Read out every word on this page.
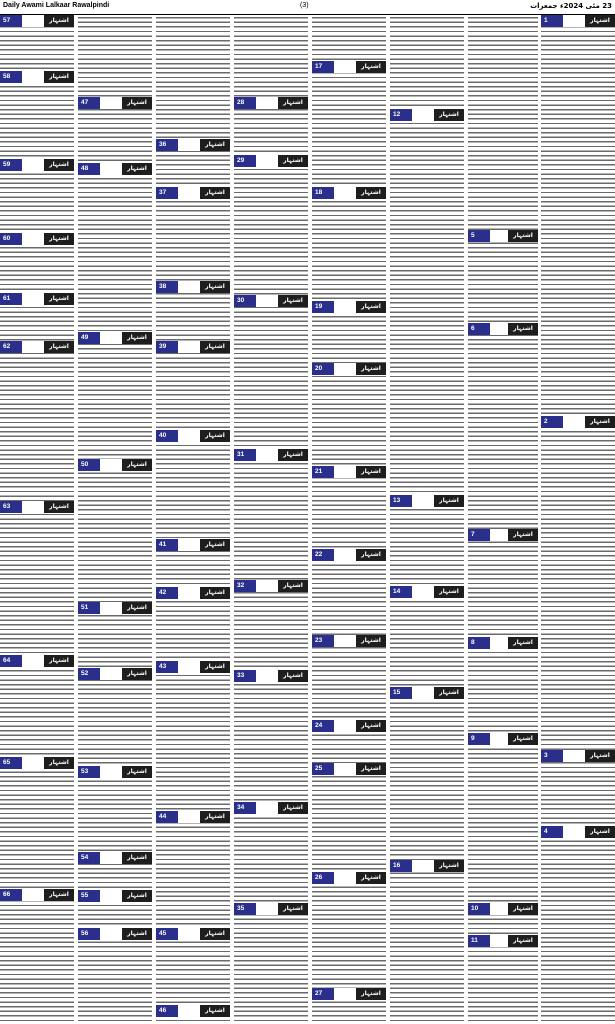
Daily Awami Lalkaar Rawalpindi	(3)	23 مئی 2024ء جمعرات
57	اشتہار
58	اشتہار
59	اشتہار
60	اشتہار
61	اشتہار
62	اشتہار
63	اشتہار
64	اشتہار
65	اشتہار
66	اشتہار
47	اشتہار
48	اشتہار
49	اشتہار
50	اشتہار
51	اشتہار
52	اشتہار
53	اشتہار
54	اشتہار
55	اشتہار
56	اشتہار
36	اشتہار
37	اشتہار
38	اشتہار
39	اشتہار
40	اشتہار
41	اشتہار
42	اشتہار
43	اشتہار
44	اشتہار
45	اشتہار
46	اشتہار
28	اشتہار
29	اشتہار
30	اشتہار
31	اشتہار
32	اشتہار
33	اشتہار
34	اشتہار
35	اشتہار
17	اشتہار
18	اشتہار
19	اشتہار
20	اشتہار
21	اشتہار
22	اشتہار
23	اشتہار
24	اشتہار
25	اشتہار
26	اشتہار
27	اشتہار
12	اشتہار
13	اشتہار
14	اشتہار
15	اشتہار
16	اشتہار
5	اشتہار
6	اشتہار
7	اشتہار
8	اشتہار
9	اشتہار
10	اشتہار
11	اشتہار
1	اشتہار
2	اشتہار
3	اشتہار
4	اشتہار
